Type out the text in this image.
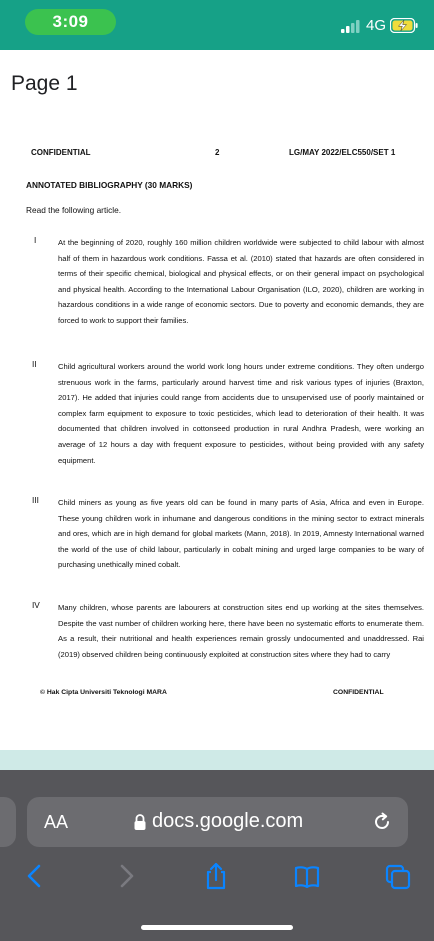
3:09	4G
Page 1
CONFIDENTIAL	2	LG/MAY 2022/ELC550/SET 1
ANNOTATED BIBLIOGRAPHY (30 MARKS)
Read the following article.
I	At the beginning of 2020, roughly 160 million children worldwide were subjected to child labour with almost half of them in hazardous work conditions. Fassa et al. (2010) stated that hazards are often considered in terms of their specific chemical, biological and physical effects, or on their general impact on psychological and physical health. According to the International Labour Organisation (ILO, 2020), children are working in hazardous conditions in a wide range of economic sectors. Due to poverty and economic demands, they are forced to work to support their families.
II	Child agricultural workers around the world work long hours under extreme conditions. They often undergo strenuous work in the farms, particularly around harvest time and risk various types of injuries (Braxton, 2017). He added that injuries could range from accidents due to unsupervised use of poorly maintained or complex farm equipment to exposure to toxic pesticides, which lead to deterioration of their health. It was documented that children involved in cottonseed production in rural Andhra Pradesh, were working an average of 12 hours a day with frequent exposure to pesticides, without being provided with any safety equipment.
III	Child miners as young as five years old can be found in many parts of Asia, Africa and even in Europe. These young children work in inhumane and dangerous conditions in the mining sector to extract minerals and ores, which are in high demand for global markets (Mann, 2018). In 2019, Amnesty International warned the world of the use of child labour, particularly in cobalt mining and urged large companies to be wary of purchasing unethically mined cobalt.
IV	Many children, whose parents are labourers at construction sites end up working at the sites themselves. Despite the vast number of children working here, there have been no systematic efforts to enumerate them. As a result, their nutritional and health experiences remain grossly undocumented and unaddressed. Rai (2019) observed children being continuously exploited at construction sites where they had to carry
© Hak Cipta Universiti Teknologi MARA	CONFIDENTIAL
AA	docs.google.com
